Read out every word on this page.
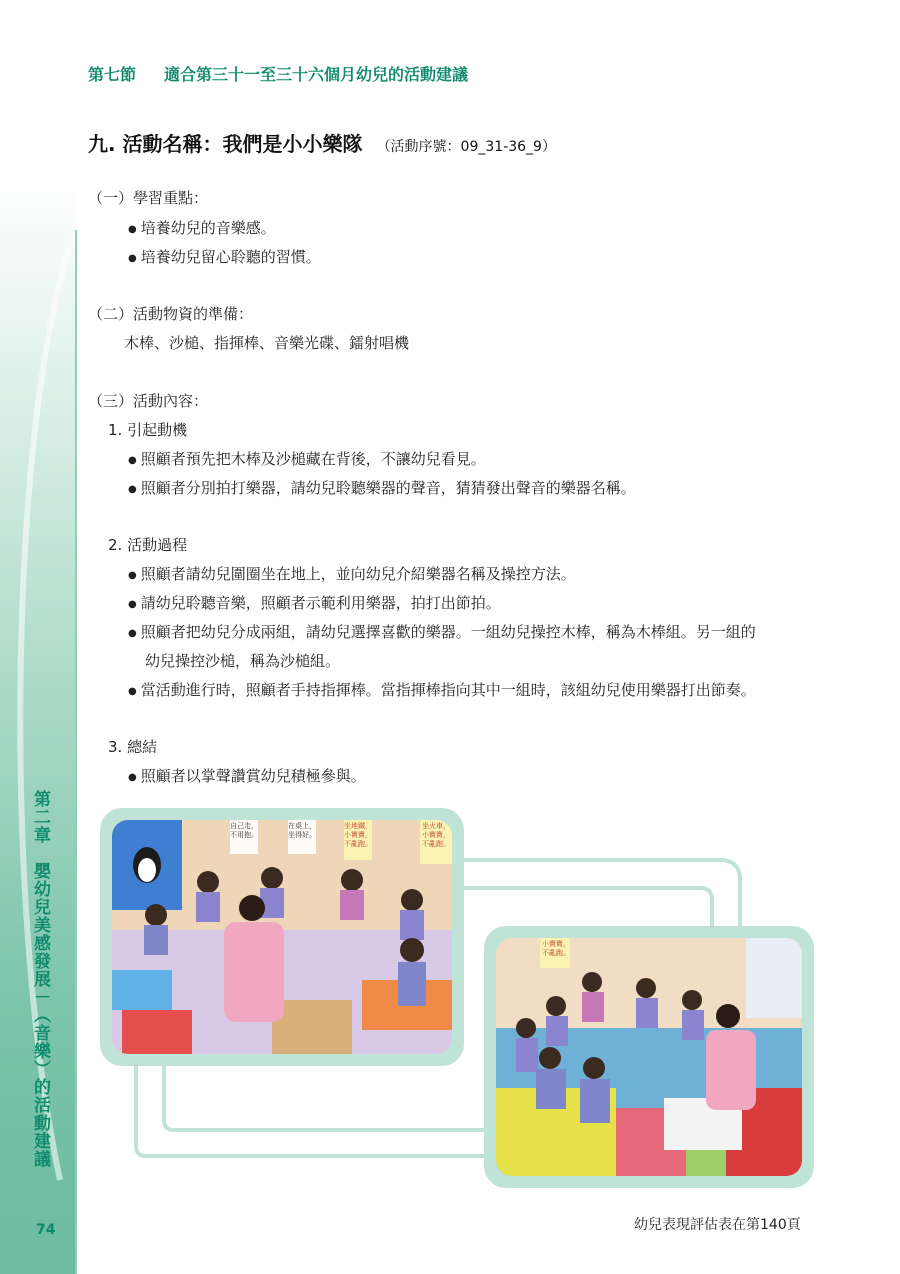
第二章　嬰幼兒美感發展－（音樂）的活動建議
74
第七節 適合第三十一至三十六個月幼兒的活動建議
九. 活動名稱：我們是小小樂隊 （活動序號：09_31-36_9）
（一）學習重點：
● 培養幼兒的音樂感。
● 培養幼兒留心聆聽的習慣。
（二）活動物資的準備：
木棒、沙槌、指揮棒、音樂光碟、鐳射唱機
（三）活動內容：
1. 引起動機
● 照顧者預先把木棒及沙槌藏在背後，不讓幼兒看見。
● 照顧者分別拍打樂器，請幼兒聆聽樂器的聲音，猜猜發出聲音的樂器名稱。
2. 活動過程
● 照顧者請幼兒圍圈坐在地上，並向幼兒介紹樂器名稱及操控方法。
● 請幼兒聆聽音樂，照顧者示範利用樂器，拍打出節拍。
● 照顧者把幼兒分成兩組，請幼兒選擇喜歡的樂器。一組幼兒操控木棒，稱為木棒組。另一組的
幼兒操控沙槌，稱為沙槌組。
● 當活動進行時，照顧者手持指揮棒。當指揮棒指向其中一組時，該組幼兒使用樂器打出節奏。
3. 總結
● 照顧者以掌聲讚賞幼兒積極參與。
自己走，
不用抱。
在桌上，
坐得好。
坐地鐵，
小寶寶，
不亂跑。
坐火車，
小寶寶，
不亂跑。
小寶寶，
不亂跑。
幼兒表現評估表在第140頁
